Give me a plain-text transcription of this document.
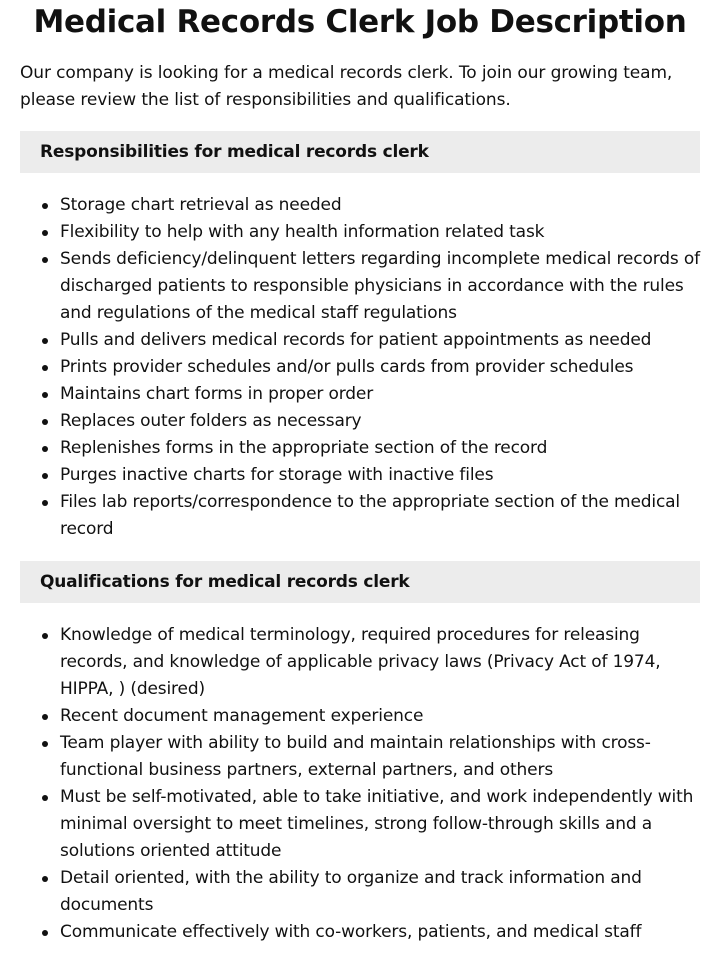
Medical Records Clerk Job Description

Our company is looking for a medical records clerk. To join our growing team, please review the list of responsibilities and qualifications.

Responsibilities for medical records clerk
Storage chart retrieval as needed
Flexibility to help with any health information related task
Sends deficiency/delinquent letters regarding incomplete medical records of discharged patients to responsible physicians in accordance with the rules and regulations of the medical staff regulations
Pulls and delivers medical records for patient appointments as needed
Prints provider schedules and/or pulls cards from provider schedules
Maintains chart forms in proper order
Replaces outer folders as necessary
Replenishes forms in the appropriate section of the record
Purges inactive charts for storage with inactive files
Files lab reports/correspondence to the appropriate section of the medical record
Qualifications for medical records clerk
Knowledge of medical terminology, required procedures for releasing records, and knowledge of applicable privacy laws (Privacy Act of 1974, HIPPA, ) (desired)
Recent document management experience
Team player with ability to build and maintain relationships with cross-functional business partners, external partners, and others
Must be self-motivated, able to take initiative, and work independently with minimal oversight to meet timelines, strong follow-through skills and a solutions oriented attitude
Detail oriented, with the ability to organize and track information and documents
Communicate effectively with co-workers, patients, and medical staff
